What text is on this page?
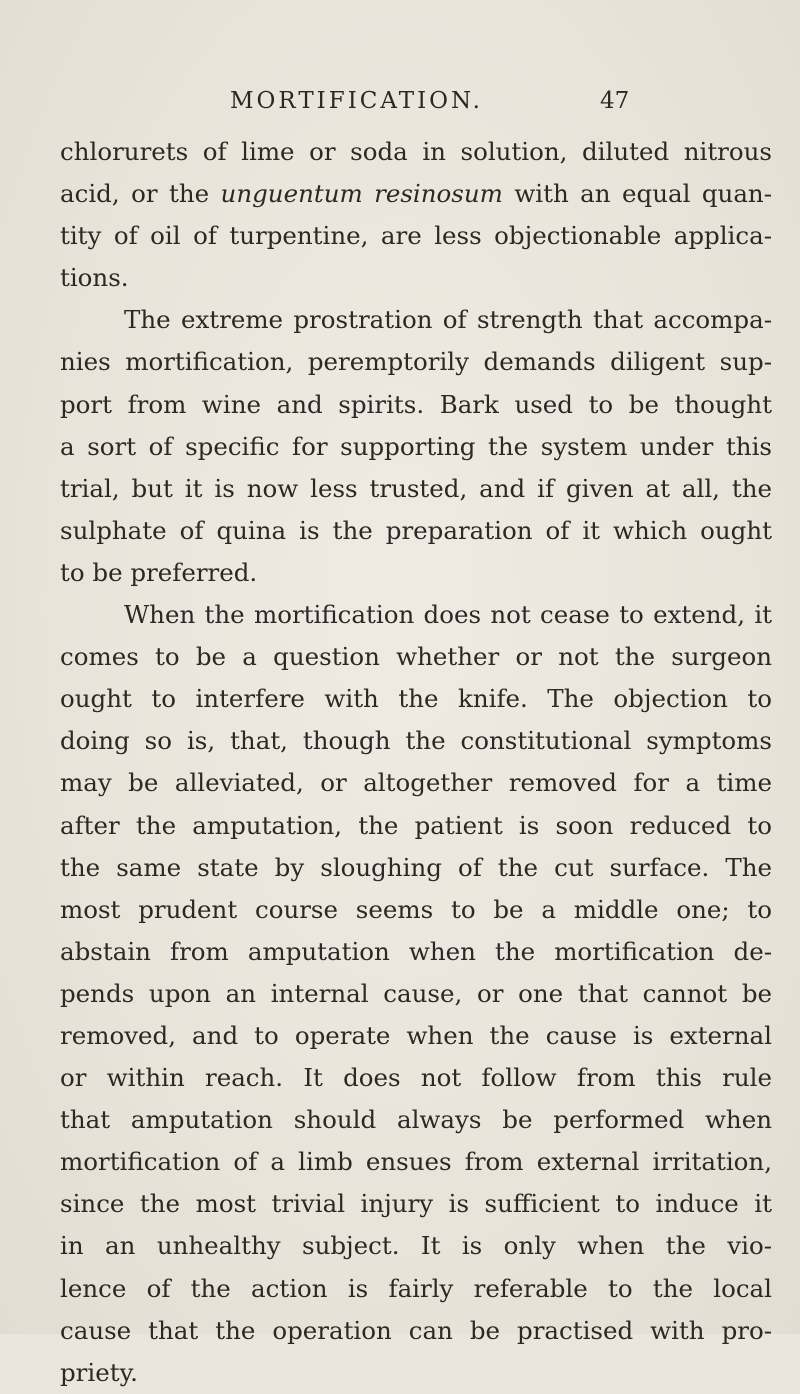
MORTIFICATION.	47
chlorurets of lime or soda in solution, diluted nitrous
acid, or the unguentum resinosum with an equal quan-
tity of oil of turpentine, are less objectionable applica-
tions.
The extreme prostration of strength that accompa-
nies mortification, peremptorily demands diligent sup-
port from wine and spirits. Bark used to be thought
a sort of specific for supporting the system under this
trial, but it is now less trusted, and if given at all, the
sulphate of quina is the preparation of it which ought
to be preferred.
When the mortification does not cease to extend, it
comes to be a question whether or not the surgeon
ought to interfere with the knife. The objection to
doing so is, that, though the constitutional symptoms
may be alleviated, or altogether removed for a time
after the amputation, the patient is soon reduced to
the same state by sloughing of the cut surface. The
most prudent course seems to be a middle one; to
abstain from amputation when the mortification de-
pends upon an internal cause, or one that cannot be
removed, and to operate when the cause is external
or within reach. It does not follow from this rule
that amputation should always be performed when
mortification of a limb ensues from external irritation,
since the most trivial injury is sufficient to induce it
in an unhealthy subject. It is only when the vio-
lence of the action is fairly referable to the local
cause that the operation can be practised with pro-
priety.
